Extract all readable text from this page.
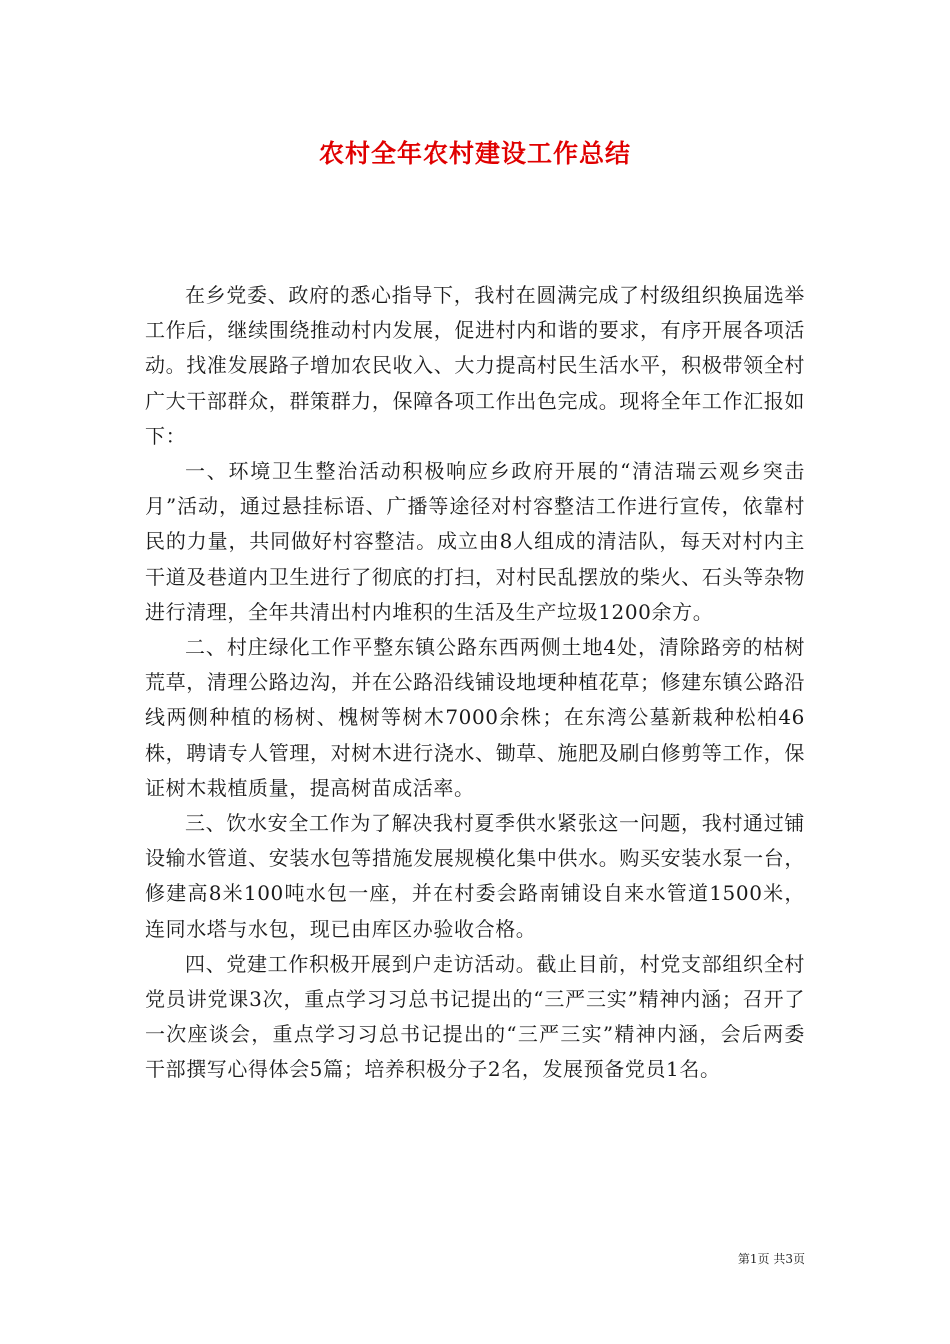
农村全年农村建设工作总结

在乡党委、政府的悉心指导下，我村在圆满完成了村级组织换届选举工作后，继续围绕推动村内发展，促进村内和谐的要求，有序开展各项活动。找准发展路子增加农民收入、大力提高村民生活水平，积极带领全村广大干部群众，群策群力，保障各项工作出色完成。现将全年工作汇报如下：

一、环境卫生整治活动积极响应乡政府开展的“清洁瑞云观乡突击月”活动，通过悬挂标语、广播等途径对村容整洁工作进行宣传，依靠村民的力量，共同做好村容整洁。成立由8人组成的清洁队，每天对村内主干道及巷道内卫生进行了彻底的打扫，对村民乱摆放的柴火、石头等杂物进行清理，全年共清出村内堆积的生活及生产垃圾1200余方。

二、村庄绿化工作平整东镇公路东西两侧土地4处，清除路旁的枯树荒草，清理公路边沟，并在公路沿线铺设地埂种植花草；修建东镇公路沿线两侧种植的杨树、槐树等树木7000余株；在东湾公墓新栽种松柏46株，聘请专人管理，对树木进行浇水、锄草、施肥及刷白修剪等工作，保证树木栽植质量，提高树苗成活率。

三、饮水安全工作为了解决我村夏季供水紧张这一问题，我村通过铺设输水管道、安装水包等措施发展规模化集中供水。购买安装水泵一台，修建高8米100吨水包一座，并在村委会路南铺设自来水管道1500米，连同水塔与水包，现已由库区办验收合格。

四、党建工作积极开展到户走访活动。截止目前，村党支部组织全村党员讲党课3次，重点学习习总书记提出的“三严三实”精神内涵；召开了一次座谈会，重点学习习总书记提出的“三严三实”精神内涵，会后两委干部撰写心得体会5篇；培养积极分子2名，发展预备党员1名。

第1页 共3页
